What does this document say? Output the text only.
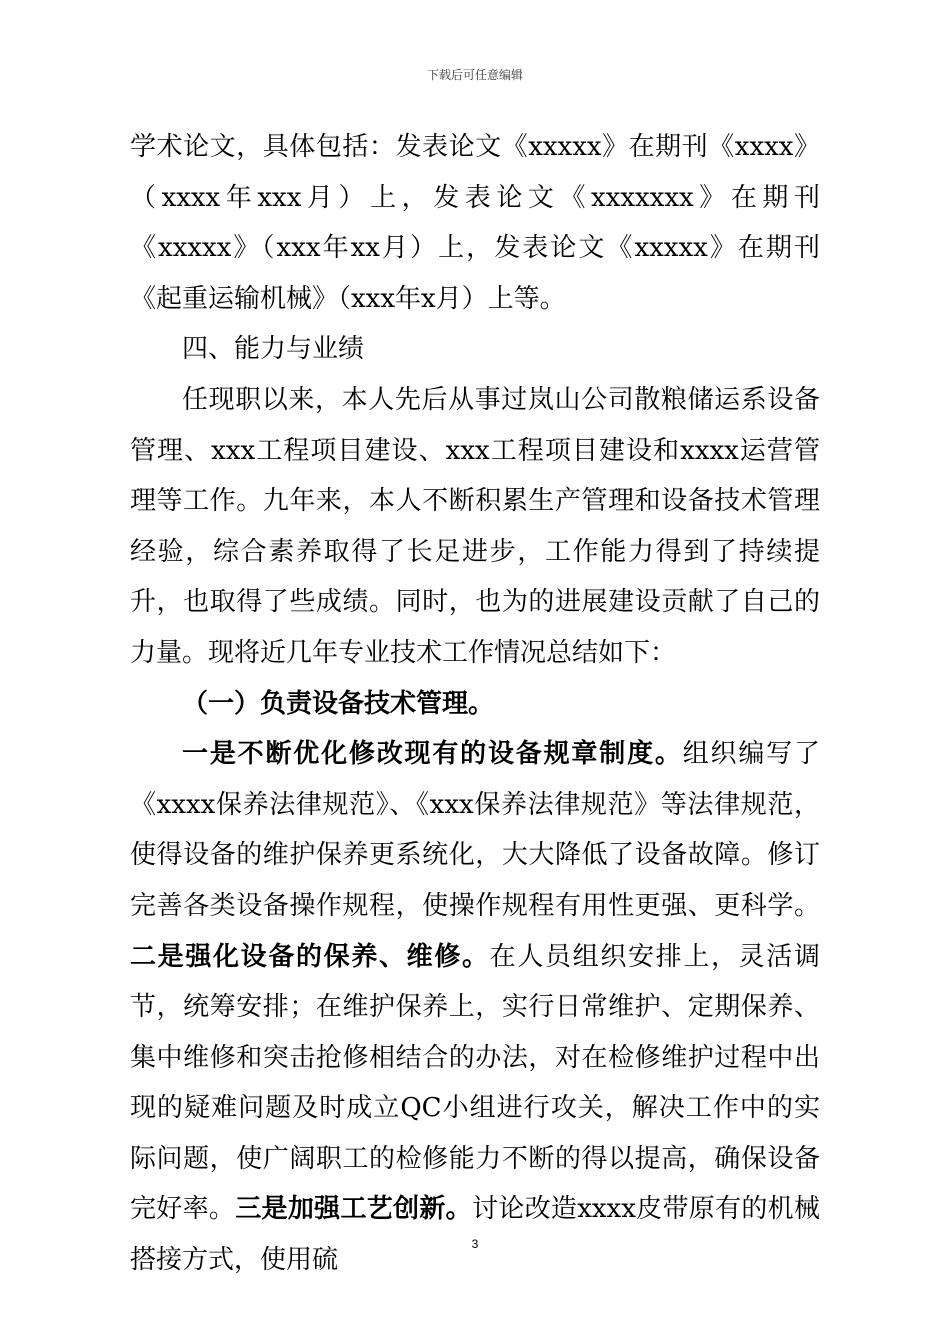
下载后可任意编辑

学术论文，具体包括：发表论文《xxxxx》在期刊《xxxx》（xxxx年xxx月）上，发表论文《xxxxxxx》在期刊《xxxxx》（xxx年xx月）上，发表论文《xxxxx》在期刊《起重运输机械》（xxx年x月）上等。

四、能力与业绩

任现职以来，本人先后从事过岚山公司散粮储运系设备管理、xxx工程项目建设、xxx工程项目建设和xxxx运营管理等工作。九年来，本人不断积累生产管理和设备技术管理经验，综合素养取得了长足进步，工作能力得到了持续提升，也取得了些成绩。同时，也为的进展建设贡献了自己的力量。现将近几年专业技术工作情况总结如下：

（一）负责设备技术管理。

一是不断优化修改现有的设备规章制度。组织编写了《xxxx保养法律规范》、《xxx保养法律规范》等法律规范，使得设备的维护保养更系统化，大大降低了设备故障。修订完善各类设备操作规程，使操作规程有用性更强、更科学。二是强化设备的保养、维修。在人员组织安排上，灵活调节，统筹安排；在维护保养上，实行日常维护、定期保养、集中维修和突击抢修相结合的办法，对在检修维护过程中出现的疑难问题及时成立QC小组进行攻关，解决工作中的实际问题，使广阔职工的检修能力不断的得以提高，确保设备完好率。三是加强工艺创新。讨论改造xxxx皮带原有的机械搭接方式，使用硫

3
